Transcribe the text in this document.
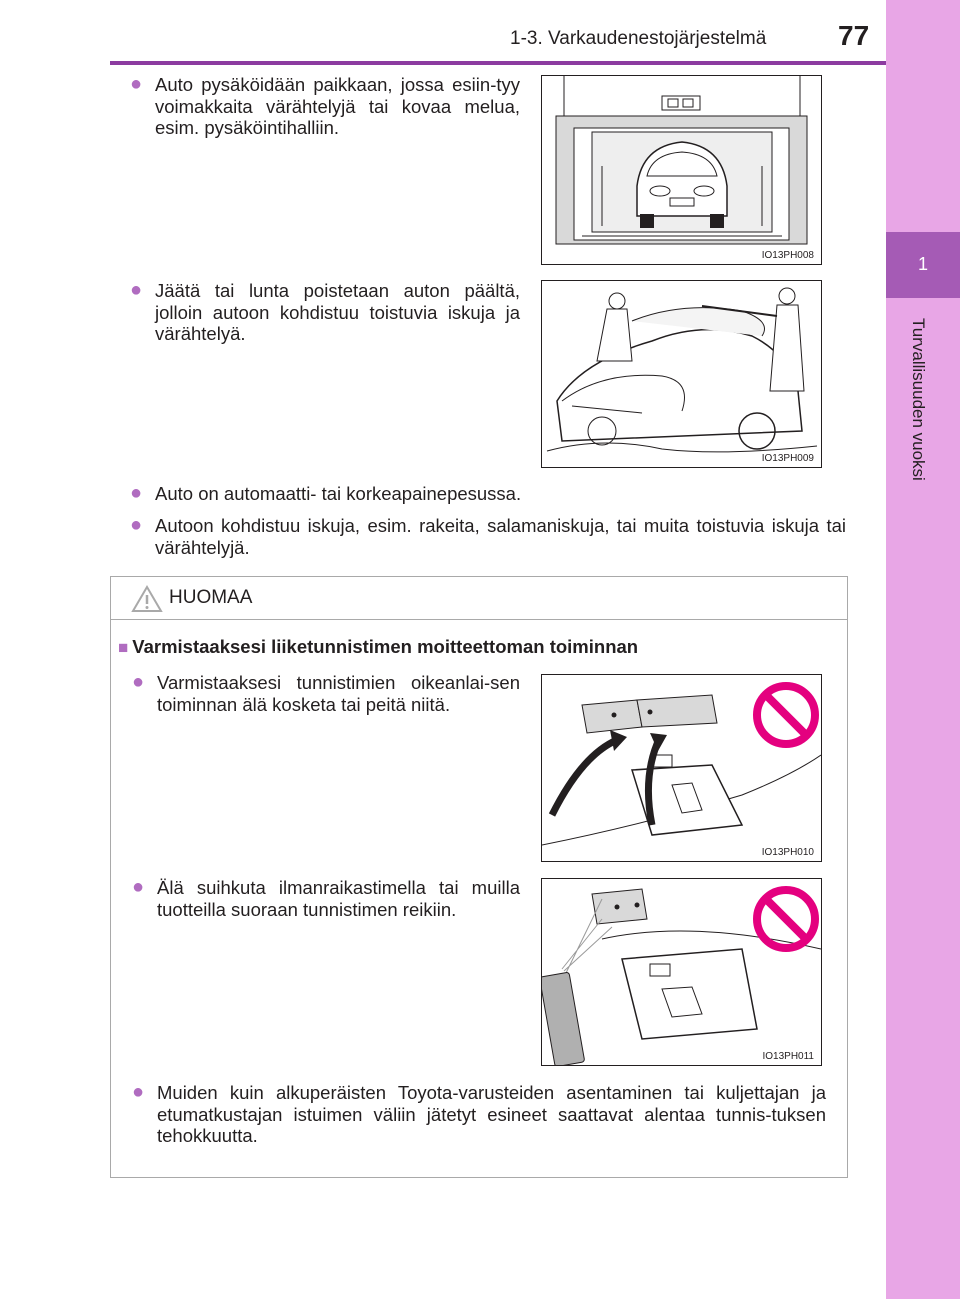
1-3. Varkaudenestojärjestelmä	77
1
Turvallisuuden vuoksi
● Auto pysäköidään paikkaan, jossa esiin-tyy voimakkaita värähtelyjä tai kovaa melua, esim. pysäköintihalliin.
● Jäätä tai lunta poistetaan auton päältä, jolloin autoon kohdistuu toistuvia iskuja ja värähtelyä.
● Auto on automaatti- tai korkeapainepesussa.
● Autoon kohdistuu iskuja, esim. rakeita, salamaniskuja, tai muita toistuvia iskuja tai värähtelyjä.
IO13PH008
IO13PH009
HUOMAA
■ Varmistaaksesi liiketunnistimen moitteettoman toiminnan
● Varmistaaksesi tunnistimien oikeanlai-sen toiminnan älä kosketa tai peitä niitä.
● Älä suihkuta ilmanraikastimella tai muilla tuotteilla suoraan tunnistimen reikiin.
● Muiden kuin alkuperäisten Toyota-varusteiden asentaminen tai kuljettajan ja etumatkustajan istuimen väliin jätetyt esineet saattavat alentaa tunnis-tuksen tehokkuutta.
IO13PH010
IO13PH011
